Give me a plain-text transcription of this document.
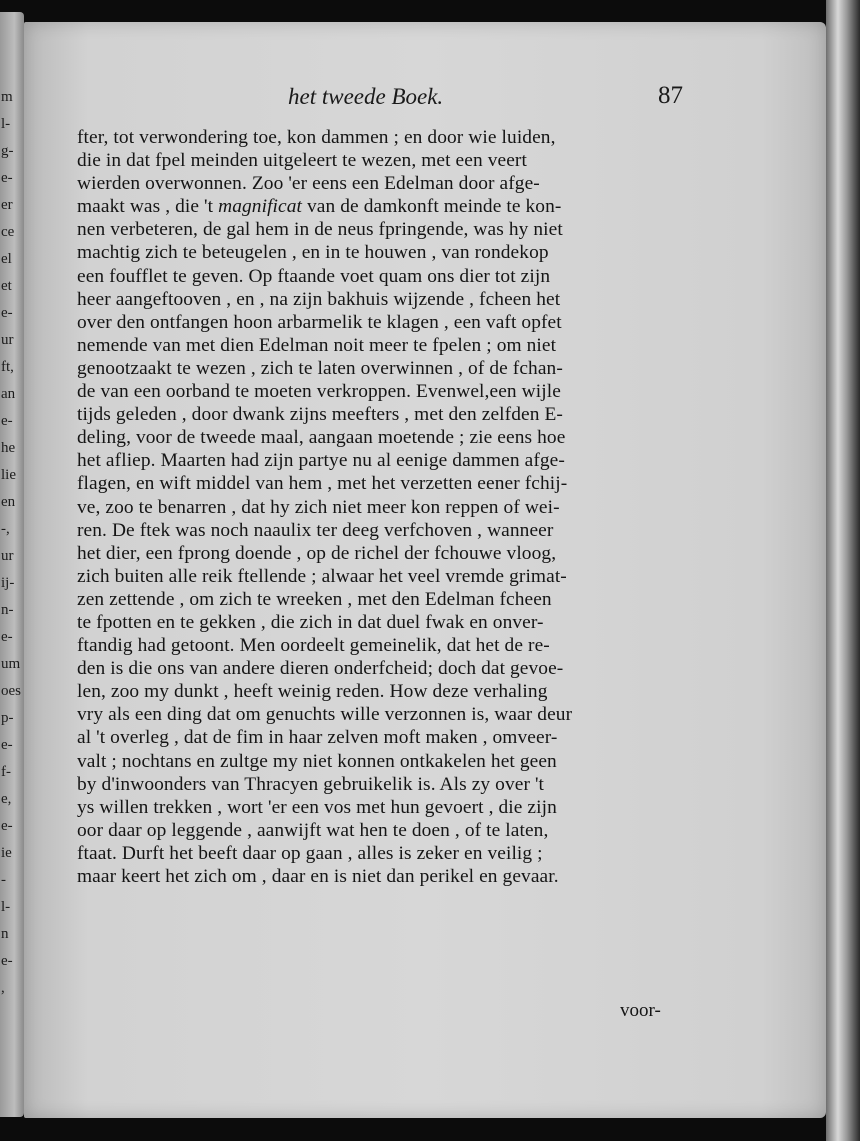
m
l-
g-
e-
er
ce
el
et
e-
ur
ft,
an
e-
he
lie
en
-,
ur
ij-
n-
e-
um
oes
p-
e-
f-
e,
e-
ie
-
l-
n
e-
,
het tweede Boek.	87
fter, tot verwondering toe, kon dammen ; en door wie luiden,
die in dat fpel meinden uitgeleert te wezen, met een veert
wierden overwonnen. Zoo 'er eens een Edelman door afge-
maakt was , die 't magnificat van de damkonft meinde te kon-
nen verbeteren, de gal hem in de neus fpringende, was hy niet
machtig zich te beteugelen , en in te houwen , van rondekop
een foufflet te geven. Op ftaande voet quam ons dier tot zijn
heer aangeftooven , en , na zijn bakhuis wijzende , fcheen het
over den ontfangen hoon arbarmelik te klagen , een vaft opfet
nemende van met dien Edelman noit meer te fpelen ; om niet
genootzaakt te wezen , zich te laten overwinnen , of de fchan-
de van een oorband te moeten verkroppen. Evenwel,een wijle
tijds geleden , door dwank zijns meefters , met den zelfden E-
deling, voor de tweede maal, aangaan moetende ; zie eens hoe
het afliep. Maarten had zijn partye nu al eenige dammen afge-
flagen, en wift middel van hem , met het verzetten eener fchij-
ve, zoo te benarren , dat hy zich niet meer kon reppen of wei-
ren. De ftek was noch naaulix ter deeg verfchoven , wanneer
het dier, een fprong doende , op de richel der fchouwe vloog,
zich buiten alle reik ftellende ; alwaar het veel vremde grimat-
zen zettende , om zich te wreeken , met den Edelman fcheen
te fpotten en te gekken , die zich in dat duel fwak en onver-
ftandig had getoont. Men oordeelt gemeinelik, dat het de re-
den is die ons van andere dieren onderfcheid; doch dat gevoe-
len, zoo my dunkt , heeft weinig reden. How deze verhaling
vry als een ding dat om genuchts wille verzonnen is, waar deur
al 't overleg , dat de fim in haar zelven moft maken , omveer-
valt ; nochtans en zultge my niet konnen ontkakelen het geen
by d'inwoonders van Thracyen gebruikelik is. Als zy over 't
ys willen trekken , wort 'er een vos met hun gevoert , die zijn
oor daar op leggende , aanwijft wat hen te doen , of te laten,
ftaat. Durft het beeft daar op gaan , alles is zeker en veilig ;
maar keert het zich om , daar en is niet dan perikel en gevaar.
voor-
